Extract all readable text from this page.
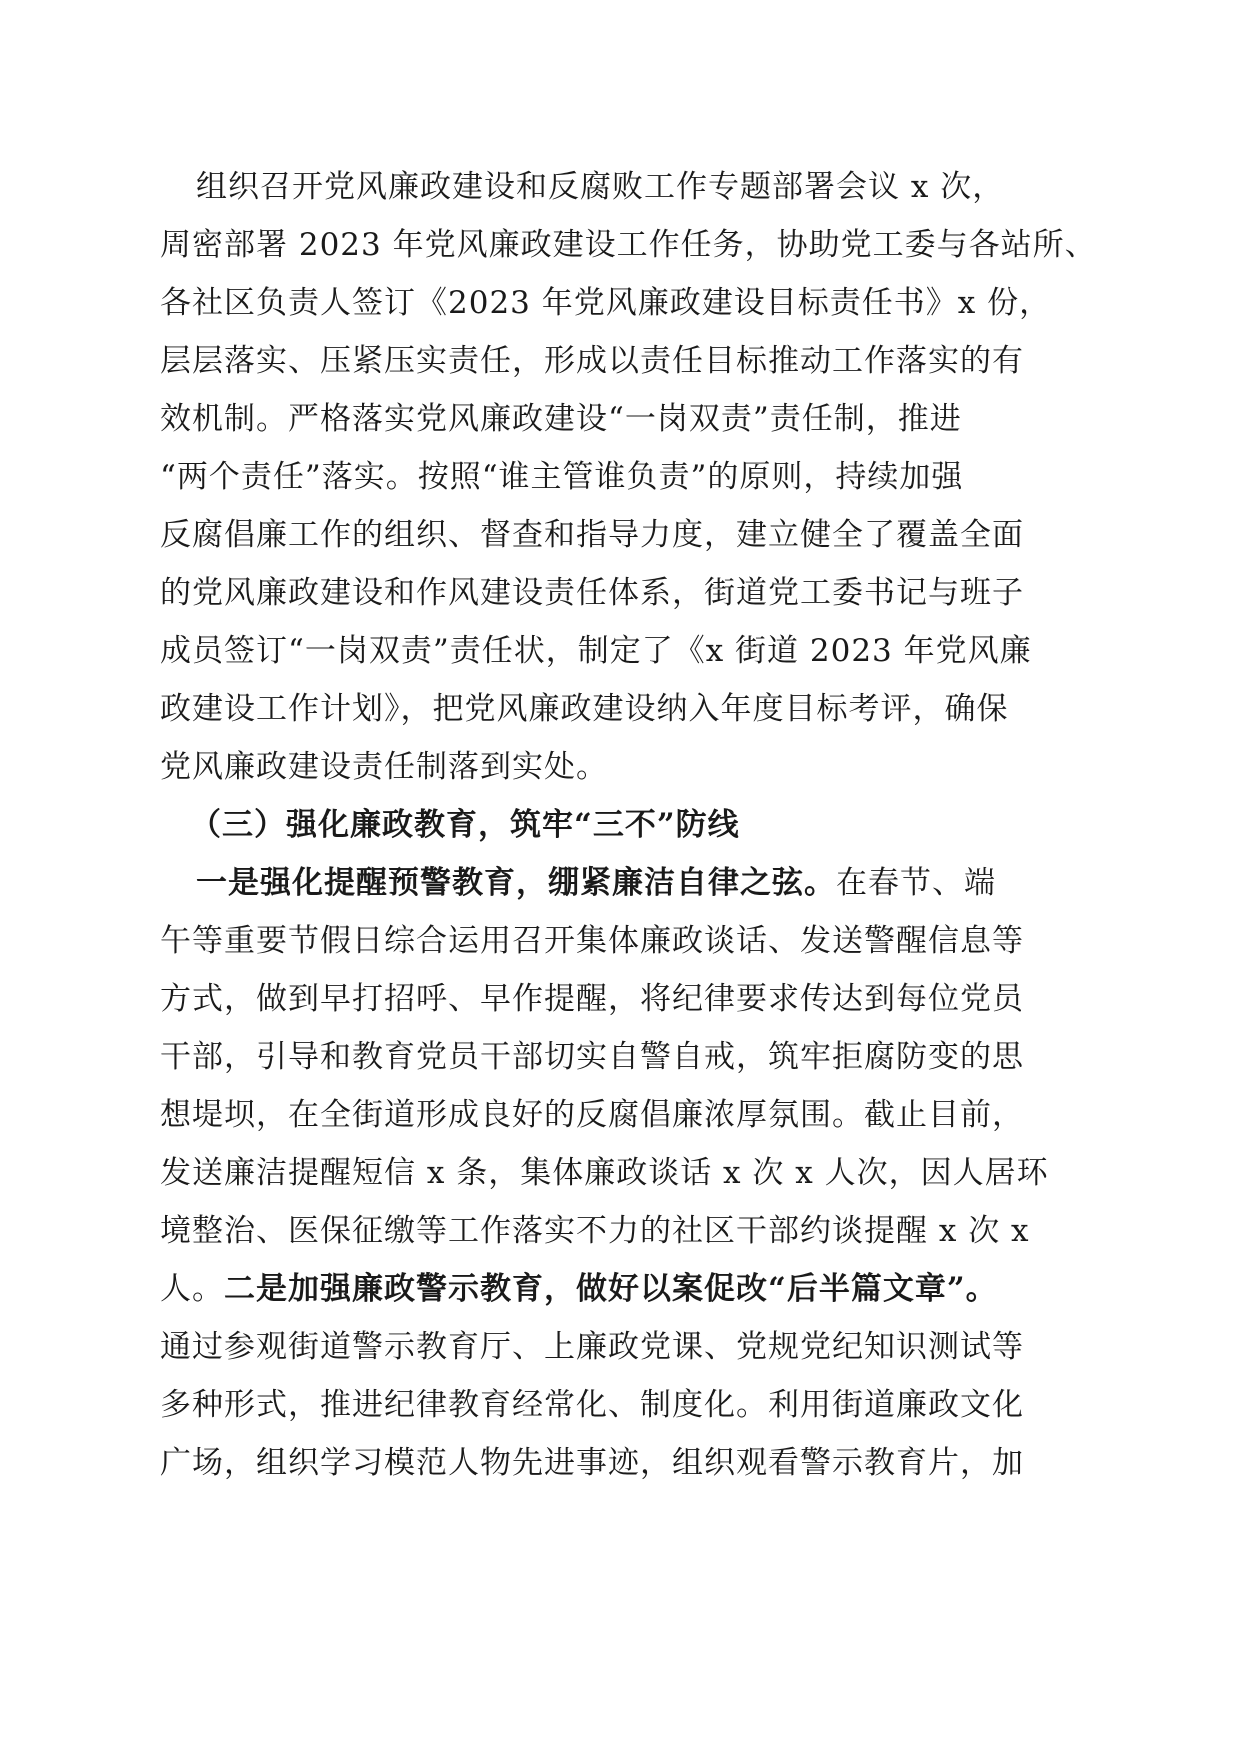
组织召开党风廉政建设和反腐败工作专题部署会议 x 次，
周密部署 2023 年党风廉政建设工作任务，协助党工委与各站所、
各社区负责人签订《2023 年党风廉政建设目标责任书》x 份，
层层落实、压紧压实责任，形成以责任目标推动工作落实的有
效机制。严格落实党风廉政建设“一岗双责”责任制，推进
“两个责任”落实。按照“谁主管谁负责”的原则，持续加强
反腐倡廉工作的组织、督查和指导力度，建立健全了覆盖全面
的党风廉政建设和作风建设责任体系，街道党工委书记与班子
成员签订“一岗双责”责任状，制定了《x 街道 2023 年党风廉
政建设工作计划》，把党风廉政建设纳入年度目标考评，确保
党风廉政建设责任制落到实处。
（三）强化廉政教育，筑牢“三不”防线
一是强化提醒预警教育，绷紧廉洁自律之弦。在春节、端
午等重要节假日综合运用召开集体廉政谈话、发送警醒信息等
方式，做到早打招呼、早作提醒，将纪律要求传达到每位党员
干部，引导和教育党员干部切实自警自戒，筑牢拒腐防变的思
想堤坝，在全街道形成良好的反腐倡廉浓厚氛围。截止目前，
发送廉洁提醒短信 x 条，集体廉政谈话 x 次 x 人次，因人居环
境整治、医保征缴等工作落实不力的社区干部约谈提醒 x 次 x
人。二是加强廉政警示教育，做好以案促改“后半篇文章”。
通过参观街道警示教育厅、上廉政党课、党规党纪知识测试等
多种形式，推进纪律教育经常化、制度化。利用街道廉政文化
广场，组织学习模范人物先进事迹，组织观看警示教育片，加
